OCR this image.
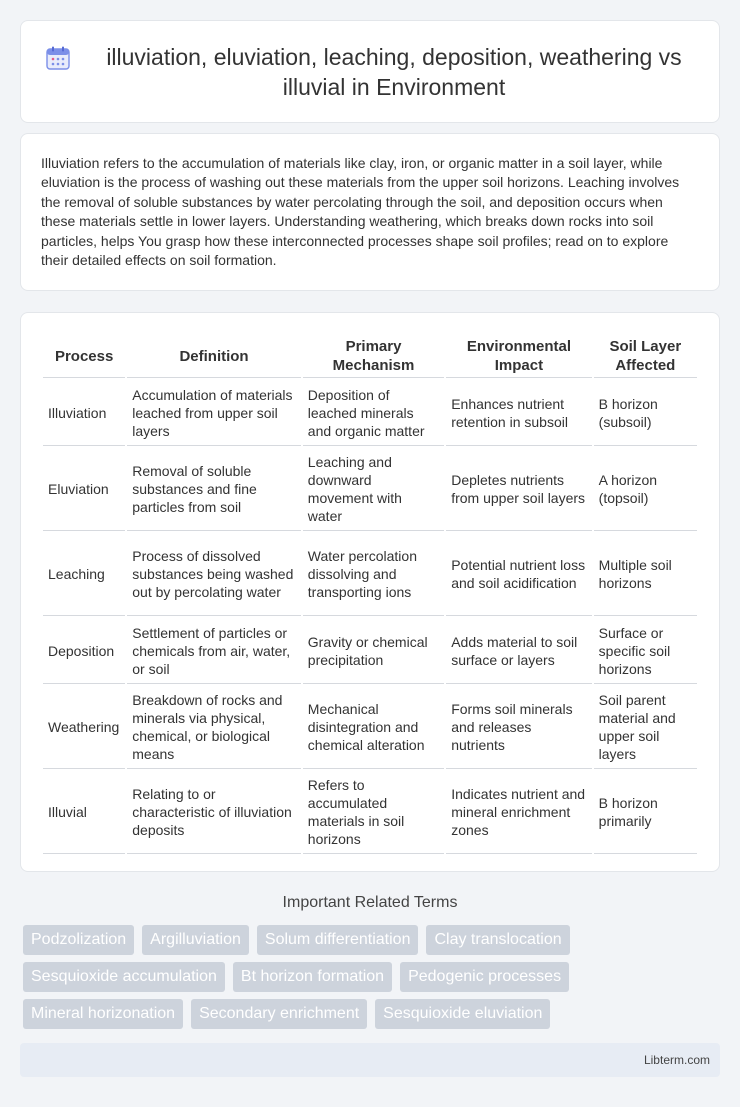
illuviation, eluviation, leaching, deposition, weathering vs illuvial in Environment

Illuviation refers to the accumulation of materials like clay, iron, or organic matter in a soil layer, while eluviation is the process of washing out these materials from the upper soil horizons. Leaching involves the removal of soluble substances by water percolating through the soil, and deposition occurs when these materials settle in lower layers. Understanding weathering, which breaks down rocks into soil particles, helps You grasp how these interconnected processes shape soil profiles; read on to explore their detailed effects on soil formation.

Process	Definition	Primary Mechanism	Environmental Impact	Soil Layer Affected
Illuviation	Accumulation of materials leached from upper soil layers	Deposition of leached minerals and organic matter	Enhances nutrient retention in subsoil	B horizon (subsoil)
Eluviation	Removal of soluble substances and fine particles from soil	Leaching and downward movement with water	Depletes nutrients from upper soil layers	A horizon (topsoil)
Leaching	Process of dissolved substances being washed out by percolating water	Water percolation dissolving and transporting ions	Potential nutrient loss and soil acidification	Multiple soil horizons
Deposition	Settlement of particles or chemicals from air, water, or soil	Gravity or chemical precipitation	Adds material to soil surface or layers	Surface or specific soil horizons
Weathering	Breakdown of rocks and minerals via physical, chemical, or biological means	Mechanical disintegration and chemical alteration	Forms soil minerals and releases nutrients	Soil parent material and upper soil layers
Illuvial	Relating to or characteristic of illuviation deposits	Refers to accumulated materials in soil horizons	Indicates nutrient and mineral enrichment zones	B horizon primarily
Important Related Terms
Podzolization	Argilluviation	Solum differentiation	Clay translocation
Sesquioxide accumulation	Bt horizon formation	Pedogenic processes
Mineral horizonation	Secondary enrichment	Sesquioxide eluviation
Libterm.com
